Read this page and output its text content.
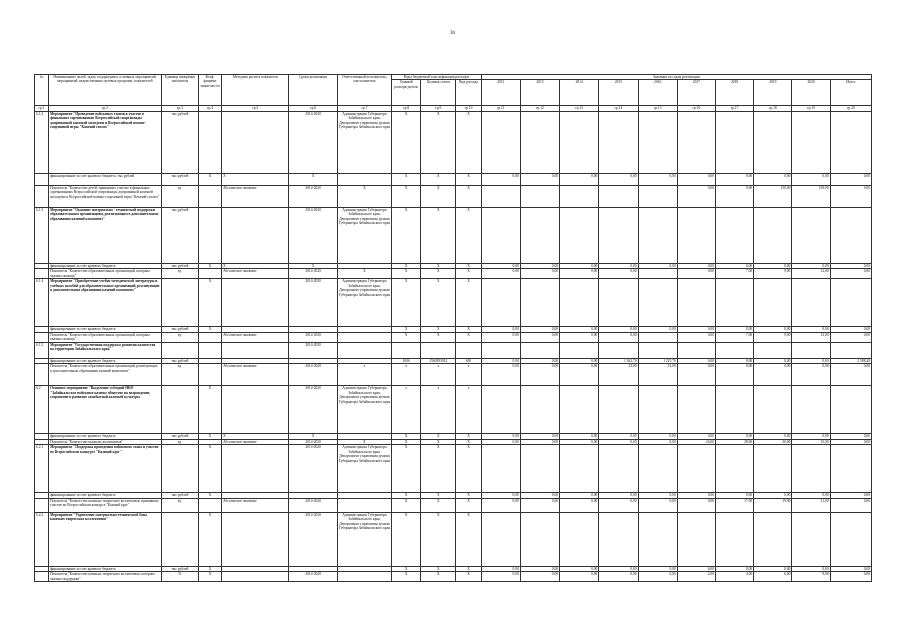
36
№	Наименование целей, задач, подпрограмм, основных мероприятий, мероприятий, ведомственных целевых программ, показателей	Единица измерения показателя	Коэф-фициент значи-мости	Методика расчета показателя	Сроки реализации	Ответственный исполнитель, соисполнитель	Коды бюджетной классификации расходов			Значения по годам реализации									
							Главный распоря-дитель	Целевая статья	Вид расхода	2012	2013	2014	2015	2016	2017	2018	2019	2020	Итого
гр.1	гр.2	гр.3	гр.4	гр.5	гр.6	гр.7	гр.8	гр.9	гр.10	гр.11	гр.12	гр.13	гр.14	гр.15	гр.16	гр.17	гр.18	гр.19	гр.20
6.1.2	Мероприятие "Проведение войсковых этапов и участие в финальных соревнованиях Всероссийской спартакиады допризывной казачьей молодежи и Всероссийской военно-спортивной игры "Казачий сполох"	тыс.рублей			2014-2020	Администрация Губернатора Забайкальского края, Департамент управления делами Губернатора Забайкальского края	Х	Х	Х										
	финансирование за счет краевого бюджета, тыс.рублей	тыс.рублей	Х	Х	Х		Х	Х	Х	0,00	0,00	0,00	0,00	0,00	0,00	0,00	0,00	0,00	0,00
	Показатель "Количество детей, принявших участие в финальных соревнованиях Всероссийской спартакиады допризывной казачьей молодежи и Всероссийской военно-спортивной игры "Казачий сполох"	ед.		Абсолютное значение	2014-2020	Х	Х	Х	Х						9,00	0,00	150,00	150,00	0,00
6.1.3	Мероприятие "Оказание материально - технической поддержки образовательным организациям, реализующим в дополнительном образовании казачий компонент"	тыс.рублей			2014-2020	Администрация Губернатора Забайкальского края, Департамент управления делами Губернатора Забайкальского края	Х	Х	Х										
	финансирование за счет краевого бюджета	тыс.рублей	Х	Х	Х		Х	Х	Х	0,00	0,00	0,00	0,00	0,00	0,00	0,00	0,00	0,00	0,00
	Показатель "Количество образовательных организаций, которым оказана помощь"	ед.		Абсолютное значение	2014-2020	Х	Х	Х	Х	0,00	0,00	0,00	0,00		0,00	7,00	9,00	12,00	0,00
6.1.4	Мероприятие "Приобретение учебно-методической литературы и учебных пособий для образовательных организаций, реализующих в дополнительном образовании казачий компонент"		Х		2014-2020	Администрация Губернатора Забайкальского края, Департамент управления делами Губернатора Забайкальского края	Х	Х	Х										
	финансирование за счет краевого бюджета	тыс.рублей	Х				Х	Х	Х	0,00	0,00	0,00	0,00	0,00	0,00	0,00	0,00	0,00	0,00
	Показатель "Количество образовательных организаций, которым оказана помощь"	ед.		Абсолютное значение	2014-2020		Х	Х	Х	0,00	0,00	0,00	0,00		0,00	7,00	9,00	12,00	0,00
6.1.5	Мероприятие "Государственная поддержка развития казачества на территории Забайкальского края"				2014-2020														
	финансирование за счет краевого бюджета	тыс.рублей					1006	1560393912	630	0,00	0,00	0,00	1 362,70	1 225,70	0,00	0,00	0,00	0,00	2 588,40
	Показатель "Количество образовательных организаций, реализующих в дополнительном образовании казачий компонент"	ед.		Абсолютное значение	2014-2020	х	х	х	х	0,00	0,00	0,00	23,00	23,00	0,00	0,00	0,00	0,00	0,00
6.2	Основное мероприятие "Выделение субсидий НКО "Забайкальское войсковое казачье общество на возрождение, сохранение и развитие самобытной казачьей культуры		Х		2014-2020	Администрация Губернатора Забайкальского края, Департамент управления делами Губернатора Забайкальского края	х	х	х										
	финансирование за счет краевого бюджета	тыс.рублей	Х	Х	Х		Х	Х	Х	0,00	0,00	0,00	0,00	0,00	0,00	0,00	0,00	0,00	0,00
	Показатель "Количество казачьих коллективов"	ед.		Абсолютное значение	2014-2020	Х	Х	Х	Х	0,00	0,00	0,00	0,00	0,00	24,00	28,00	30,00	35,00	0,00
6.2.1	Мероприятие "Поддержка проведения войскового этапа и участие во Всероссийском конкурсе "Казачий круг"		Х		2014-2020	Администрация Губернатора Забайкальского края, Департамент управления делами Губернатора Забайкальского края	Х	Х	Х										
	финансирование за счет краевого бюджета	тыс.рублей	Х				Х	Х	Х	0,00	0,00	0,00	0,00	0,00	0,00	0,00	0,00	0,00	0,00
	Показатель "Количество казачьих творческих коллективов, принявших участие во Всероссийском конкурсе "Казачий круг"	ед.		Абсолютное значение	2014-2020		Х	Х	Х	0,00	0,00	0,00	0,00	0,00	0,00	17,00	19,00	21,00	0,00
6.2.2	Мероприятие "Укрепление материально-технической базы казачьих творческих коллективов"		Х		2014-2020	Администрация Губернатора Забайкальского края, Департамент управления делами Губернатора Забайкальского края	Х	Х	Х										
	финансирование за счет краевого бюджета	тыс.рублей	Х				Х	Х	Х	0,00	0,00	0,00	0,00	0,00	0,00	0,00	0,00	0,00	0,00
	Показатель "Количество казачьих творческих коллективов, которым оказана поддержка"	%	Х		2014-2020		Х	Х	Х	0,00	0,00	0,00	0,00	0,00	2,00	4,00	6,00	9,00	0,00
